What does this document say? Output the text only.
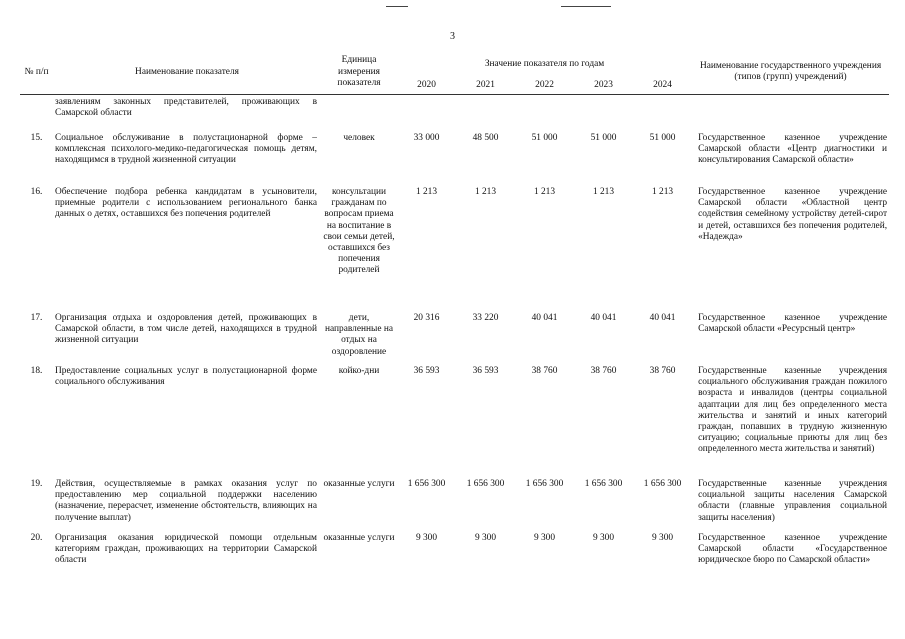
3
№ п/п	Наименование показателя	Единица измерения показателя	Значение показателя по годам					Наименование государственного учреждения (типов (групп) учреждений)
			2020	2021	2022	2023	2024	
	заявлениям законных представителей, проживающих в Самарской области							
15.	Социальное обслуживание в полустационарной форме – комплексная психолого-медико-педагогическая помощь детям, находящимся в трудной жизненной ситуации	человек	33 000	48 500	51 000	51 000	51 000	Государственное казенное учреждение Самарской области «Центр диагностики и консультирования Самарской области»
16.	Обеспечение подбора ребенка кандидатам в усыновители, приемные родители с использованием регионального банка данных о детях, оставшихся без попечения родителей	консультации гражданам по вопросам приема на воспитание в свои семьи детей, оставшихся без попечения родителей	1 213	1 213	1 213	1 213	1 213	Государственное казенное учреждение Самарской области «Областной центр содействия семейному устройству детей-сирот и детей, оставшихся без попечения родителей, «Надежда»
17.	Организация отдыха и оздоровления детей, проживающих в Самарской области, в том числе детей, находящихся в трудной жизненной ситуации	дети, направленные на отдых на оздоровление	20 316	33 220	40 041	40 041	40 041	Государственное казенное учреждение Самарской области «Ресурсный центр»
18.	Предоставление социальных услуг в полустационарной форме социального обслуживания	койко-дни	36 593	36 593	38 760	38 760	38 760	Государственные казенные учреждения социального обслуживания граждан пожилого возраста и инвалидов (центры социальной адаптации для лиц без определенного места жительства и занятий и иных категорий граждан, попавших в трудную жизненную ситуацию; социальные приюты для лиц без определенного места жительства и занятий)
19.	Действия, осуществляемые в рамках оказания услуг по предоставлению мер социальной поддержки населению (назначение, перерасчет, изменение обстоятельств, влияющих на получение выплат)	оказанные услуги	1 656 300	1 656 300	1 656 300	1 656 300	1 656 300	Государственные казенные учреждения социальной защиты населения Самарской области (главные управления социальной защиты населения)
20.	Организация оказания юридической помощи отдельным категориям граждан, проживающих на территории Самарской области	оказанные услуги	9 300	9 300	9 300	9 300	9 300	Государственное казенное учреждение Самарской области «Государственное юридическое бюро по Самарской области»
